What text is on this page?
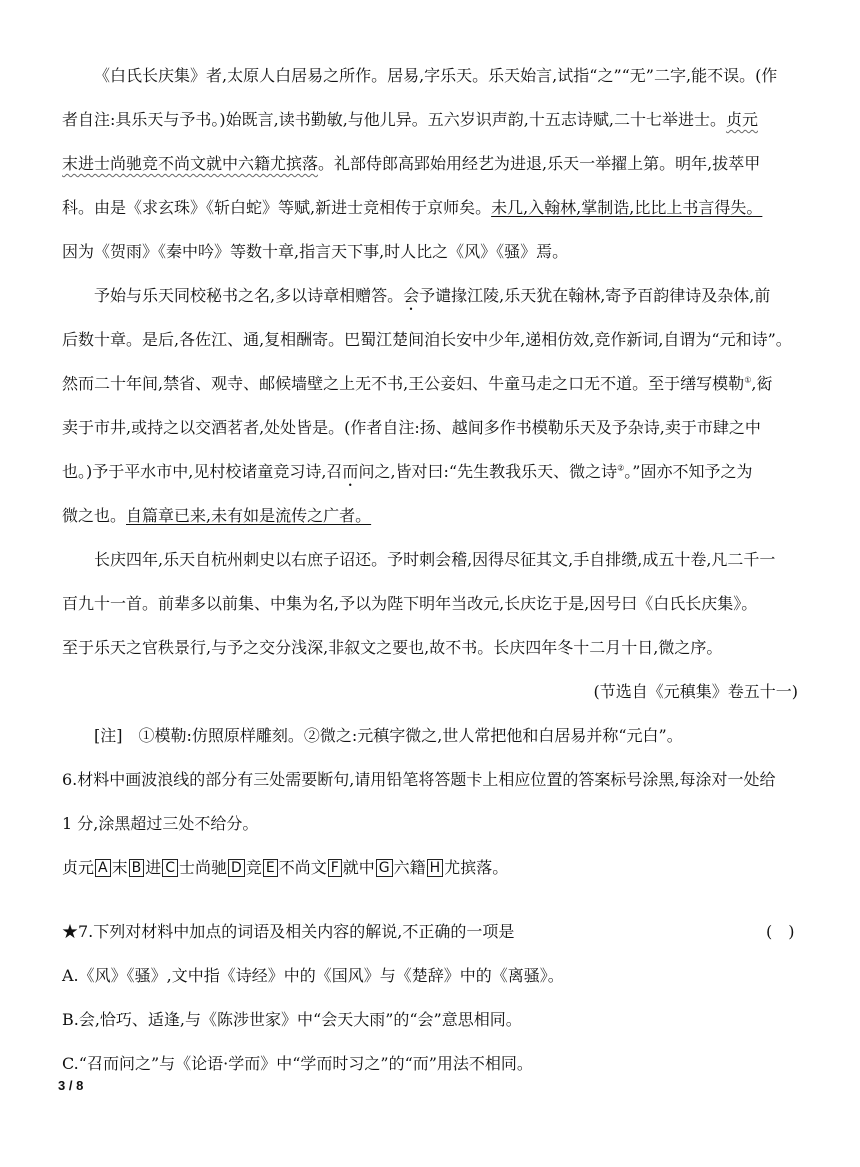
《白氏长庆集》者,太原人白居易之所作。居易,字乐天。乐天始言,试指“之”“无”二字,能不误。(作
者自注:具乐天与予书。)始既言,读书勤敏,与他儿异。五六岁识声韵,十五志诗赋,二十七举进士。贞元
末进士尚驰竞不尚文就中六籍尤摈落。礼部侍郎高郢始用经艺为进退,乐天一举擢上第。明年,拔萃甲
科。由是《求玄珠》《斩白蛇》等赋,新进士竞相传于京师矣。未几,入翰林,掌制诰,比比上书言得失。
因为《贺雨》《秦中吟》等数十章,指言天下事,时人比之《风》《骚》焉。
予始与乐天同校秘书之名,多以诗章相赠答。会予谴掾江陵,乐天犹在翰林,寄予百韵律诗及杂体,前
后数十章。是后,各佐江、通,复相酬寄。巴蜀江楚间洎长安中少年,递相仿效,竞作新词,自谓为“元和诗”。
然而二十年间,禁省、观寺、邮候墙壁之上无不书,王公妾妇、牛童马走之口无不道。至于缮写模勒①,衒
卖于市井,或持之以交酒茗者,处处皆是。(作者自注:扬、越间多作书模勒乐天及予杂诗,卖于市肆之中
也。)予于平水市中,见村校诸童竞习诗,召而问之,皆对曰:“先生教我乐天、微之诗②。”固亦不知予之为
微之也。自篇章已来,未有如是流传之广者。
长庆四年,乐天自杭州刺史以右庶子诏还。予时刺会稽,因得尽征其文,手自排缵,成五十卷,凡二千一
百九十一首。前辈多以前集、中集为名,予以为陛下明年当改元,长庆讫于是,因号曰《白氏长庆集》。
至于乐天之官秩景行,与予之交分浅深,非叙文之要也,故不书。长庆四年冬十二月十日,微之序。
(节选自《元稹集》卷五十一)
[注]　①模勒:仿照原样雕刻。②微之:元稹字微之,世人常把他和白居易并称“元白”。
6.材料中画波浪线的部分有三处需要断句,请用铅笔将答题卡上相应位置的答案标号涂黑,每涂对一处给
1 分,涂黑超过三处不给分。
贞元 A 末 B 进 C 士尚驰 D 竞 E 不尚文 F 就中 G 六籍 H 尤摈落。
★7.下列对材料中加点的词语及相关内容的解说,不正确的一项是	(　)
A.《风》《骚》,文中指《诗经》中的《国风》与《楚辞》中的《离骚》。
B.会,恰巧、适逢,与《陈涉世家》中“会天大雨”的“会”意思相同。
C.“召而问之”与《论语·学而》中“学而时习之”的“而”用法不相同。
3 / 8
